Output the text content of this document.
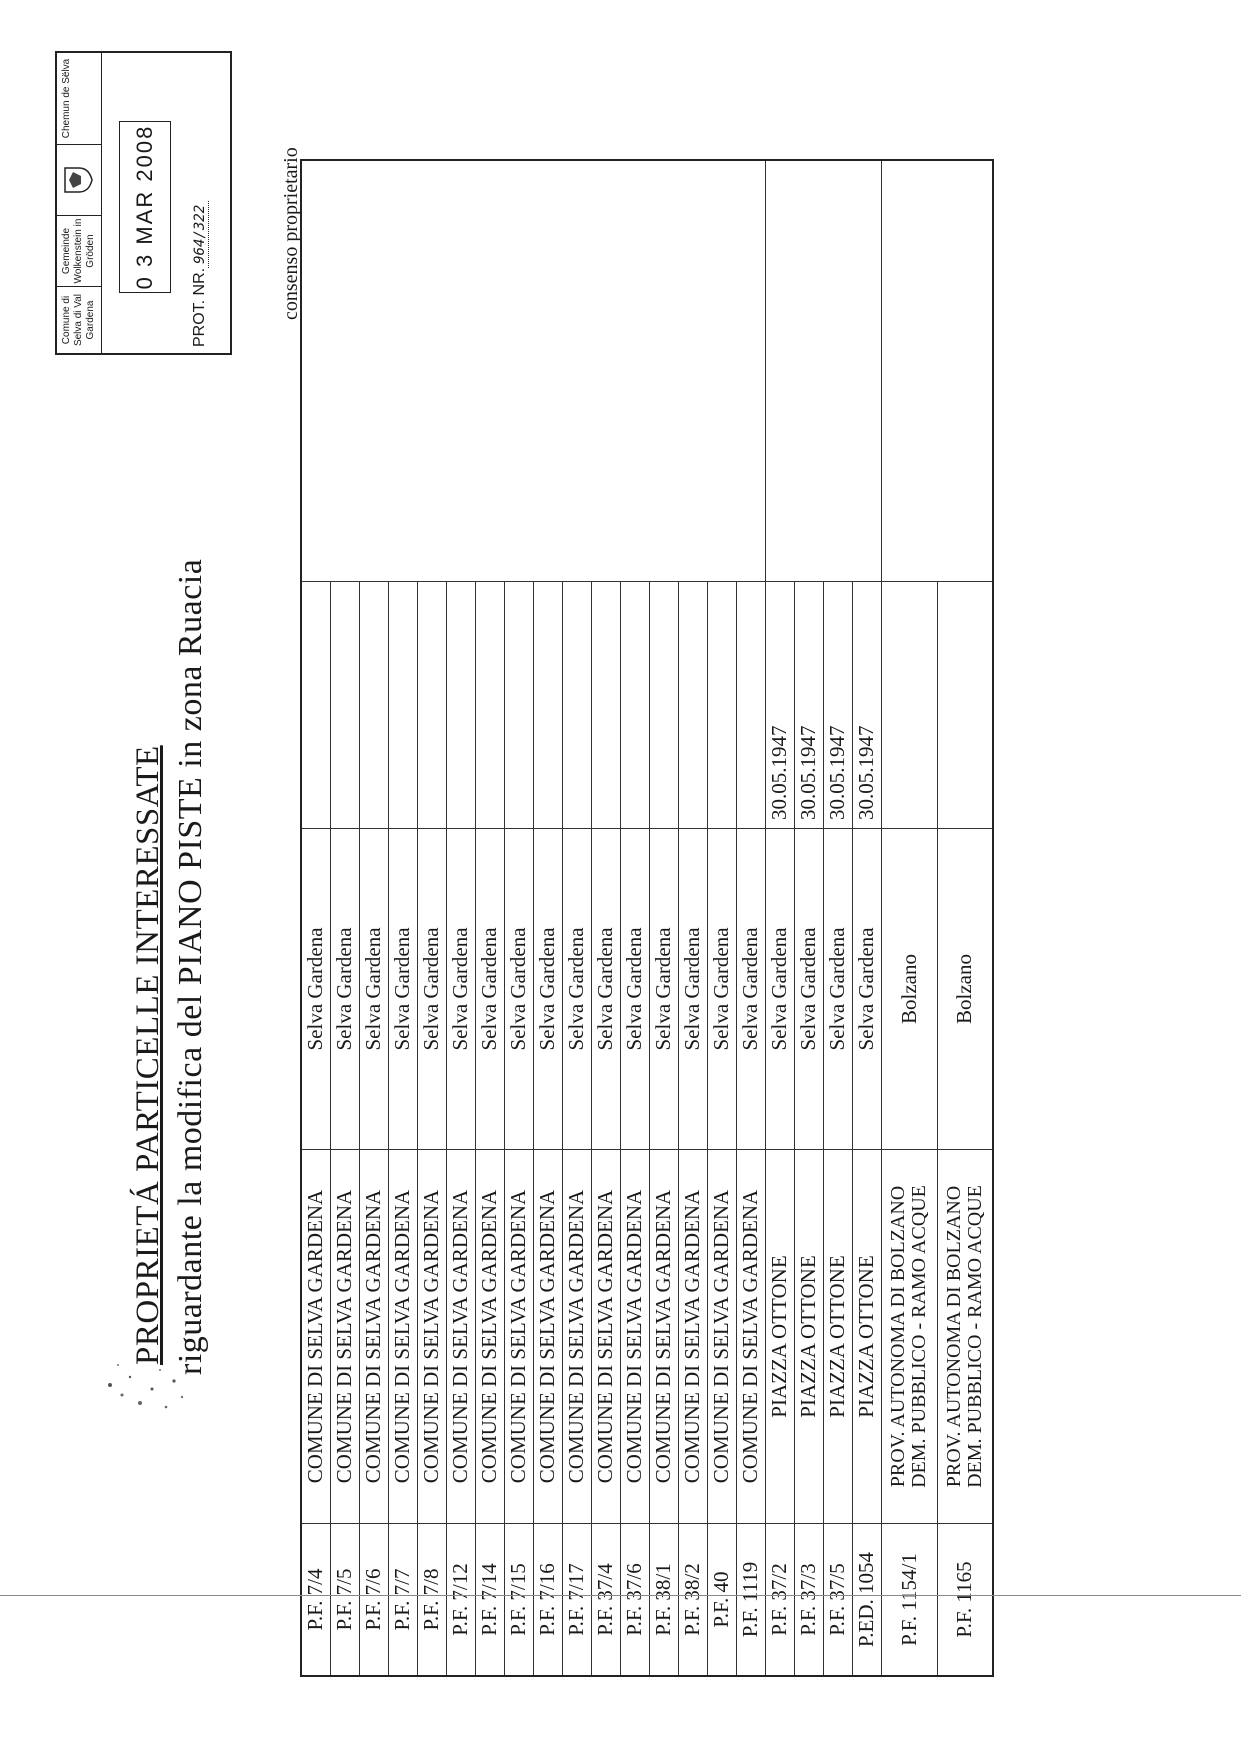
PROPRIETÁ PARTICELLE INTERESSATE riguardante la modifica del PIANO PISTE in zona Ruacia
Comune di Selva di Val Gardena
Gemeinde Wolkenstein in Gröden
Chemun de Sëlva
0 3 MAR 2008
PROT. NR.964/322	consenso proprietario
P.F. 7/4	COMUNE DI SELVA GARDENA	Selva Gardena		
P.F. 7/5	COMUNE DI SELVA GARDENA	Selva Gardena		
P.F. 7/6	COMUNE DI SELVA GARDENA	Selva Gardena		
P.F. 7/7	COMUNE DI SELVA GARDENA	Selva Gardena		
P.F. 7/8	COMUNE DI SELVA GARDENA	Selva Gardena		
P.F. 7/12	COMUNE DI SELVA GARDENA	Selva Gardena		
P.F. 7/14	COMUNE DI SELVA GARDENA	Selva Gardena		
P.F. 7/15	COMUNE DI SELVA GARDENA	Selva Gardena		
P.F. 7/16	COMUNE DI SELVA GARDENA	Selva Gardena		
P.F. 7/17	COMUNE DI SELVA GARDENA	Selva Gardena		
P.F. 37/4	COMUNE DI SELVA GARDENA	Selva Gardena		
P.F. 37/6	COMUNE DI SELVA GARDENA	Selva Gardena		
P.F. 38/1	COMUNE DI SELVA GARDENA	Selva Gardena		
P.F. 38/2	COMUNE DI SELVA GARDENA	Selva Gardena		
P.F. 40	COMUNE DI SELVA GARDENA	Selva Gardena		
P.F. 1119	COMUNE DI SELVA GARDENA	Selva Gardena		
P.F. 37/2	PIAZZA OTTONE	Selva Gardena	30.05.1947	
P.F. 37/3	PIAZZA OTTONE	Selva Gardena	30.05.1947	
P.F. 37/5	PIAZZA OTTONE	Selva Gardena	30.05.1947	
P.ED. 1054	PIAZZA OTTONE	Selva Gardena	30.05.1947	
P.F. 1154/1	PROV. AUTONOMA DI BOLZANO DEM. PUBBLICO - RAMO ACQUE	Bolzano		
P.F. 1165	PROV. AUTONOMA DI BOLZANO DEM. PUBBLICO - RAMO ACQUE	Bolzano		
